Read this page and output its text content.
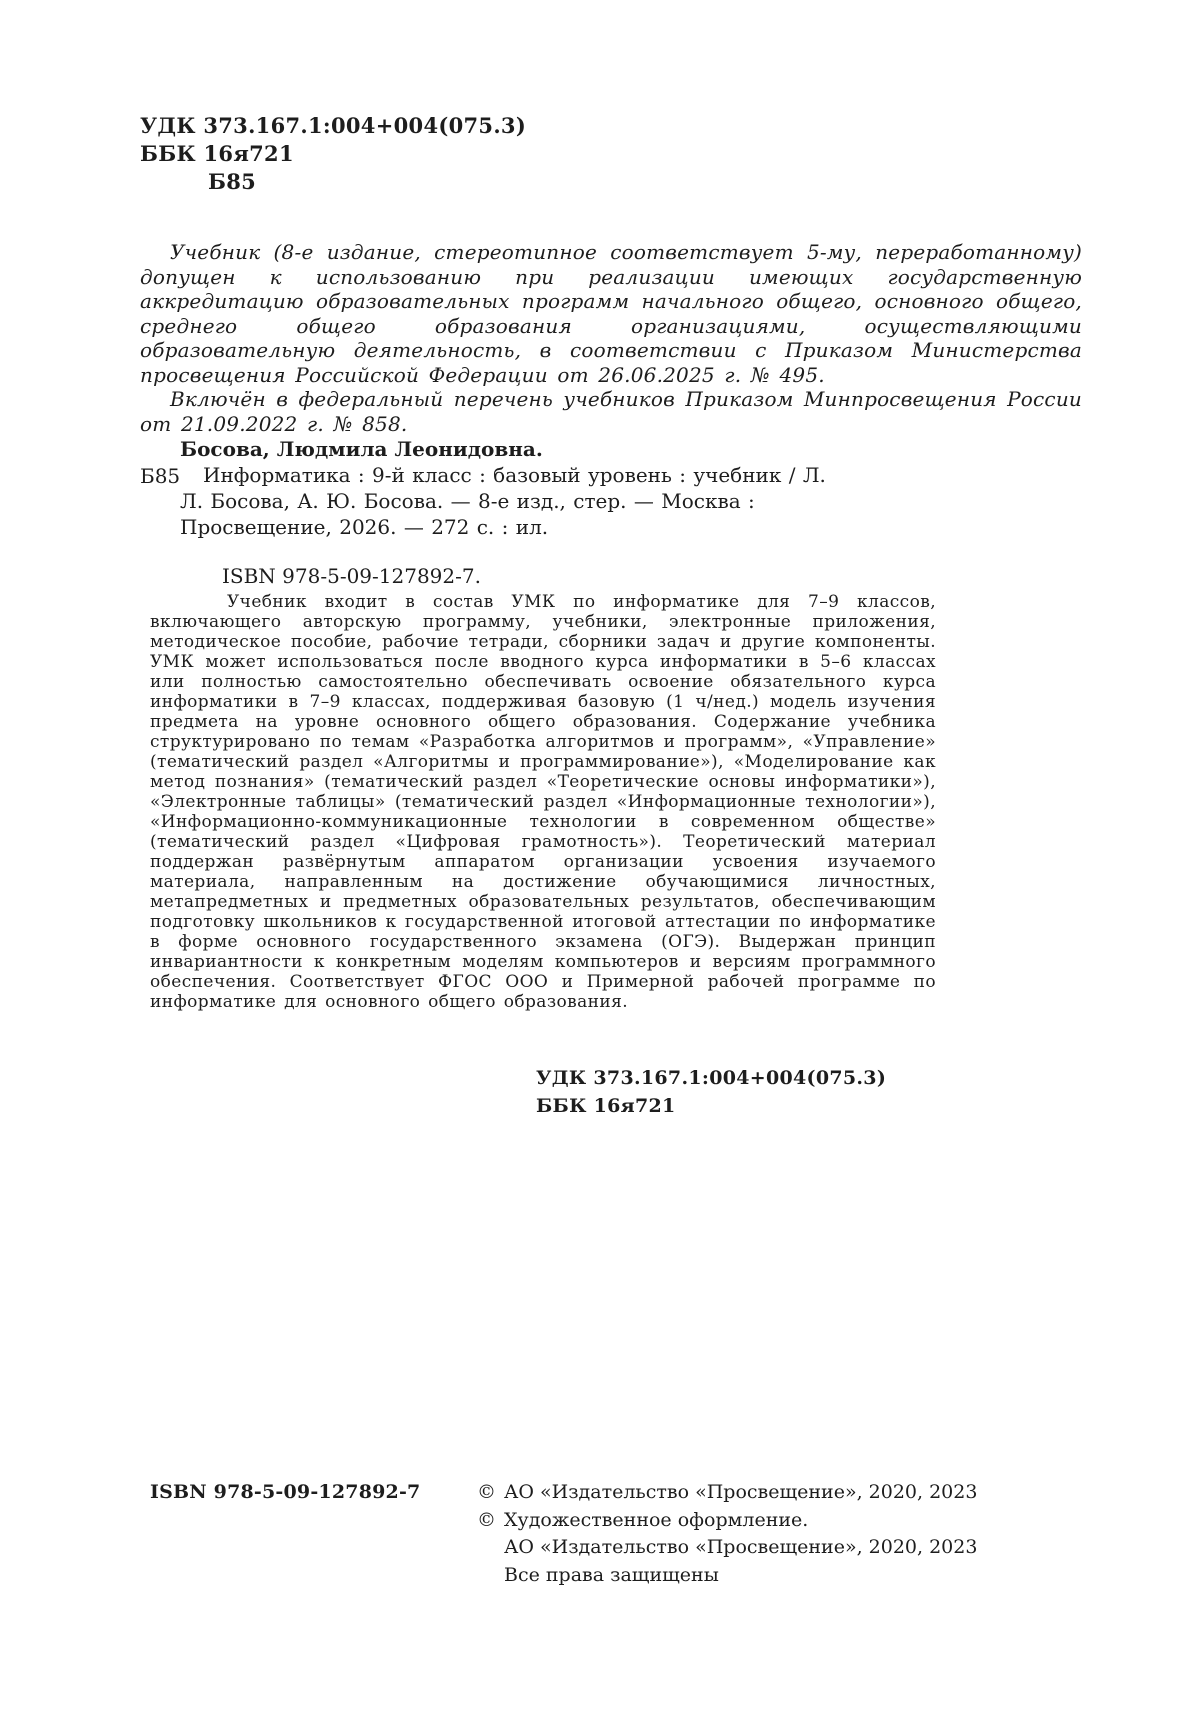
УДК 373.167.1:004+004(075.3)
ББК 16я721
Б85

Учебник (8-е издание, стереотипное соответствует 5-му, переработанному) допущен к использованию при реализации имеющих государственную аккредитацию образовательных программ начального общего, основного общего, среднего общего образования организациями, осуществляющими образовательную деятельность, в соответствии с Приказом Министерства просвещения Российской Федерации от 26.06.2025 г. № 495.

Включён в федеральный перечень учебников Приказом Минпросвещения России от 21.09.2022 г. № 858.

Б85

Босова, Людмила Леонидовна.

Информатика : 9-й класс : базовый уровень : учебник / Л. Л. Босова, А. Ю. Босова. — 8-е изд., стер. — Москва : Просвещение, 2026. — 272 с. : ил.

ISBN 978-5-09-127892-7.

Учебник входит в состав УМК по информатике для 7–9 классов, включающего авторскую программу, учебники, электронные приложения, методическое пособие, рабочие тетради, сборники задач и другие компоненты. УМК может использоваться после вводного курса информатики в 5–6 классах или полностью самостоятельно обеспечивать освоение обязательного курса информатики в 7–9 классах, поддерживая базовую (1 ч/нед.) модель изучения предмета на уровне основного общего образования. Содержание учебника структурировано по темам «Разработка алгоритмов и программ», «Управление» (тематический раздел «Алгоритмы и программирование»), «Моделирование как метод познания» (тематический раздел «Теоретические основы информатики»), «Электронные таблицы» (тематический раздел «Информационные технологии»), «Информационно-коммуникационные технологии в современном обществе» (тематический раздел «Цифровая грамотность»). Теоретический материал поддержан развёрнутым аппаратом организации усвоения изучаемого материала, направленным на достижение обучающимися личностных, метапредметных и предметных образовательных результатов, обеспечивающим подготовку школьников к государственной итоговой аттестации по информатике в форме основного государственного экзамена (ОГЭ). Выдержан принцип инвариантности к конкретным моделям компьютеров и версиям программного обеспечения. Соответствует ФГОС ООО и Примерной рабочей программе по информатике для основного общего образования.

УДК 373.167.1:004+004(075.3)
ББК 16я721
ISBN 978-5-09-127892-7	© АО «Издательство «Просвещение», 2020, 2023
© Художественное оформление.
АО «Издательство «Просвещение», 2020, 2023
Все права защищены
